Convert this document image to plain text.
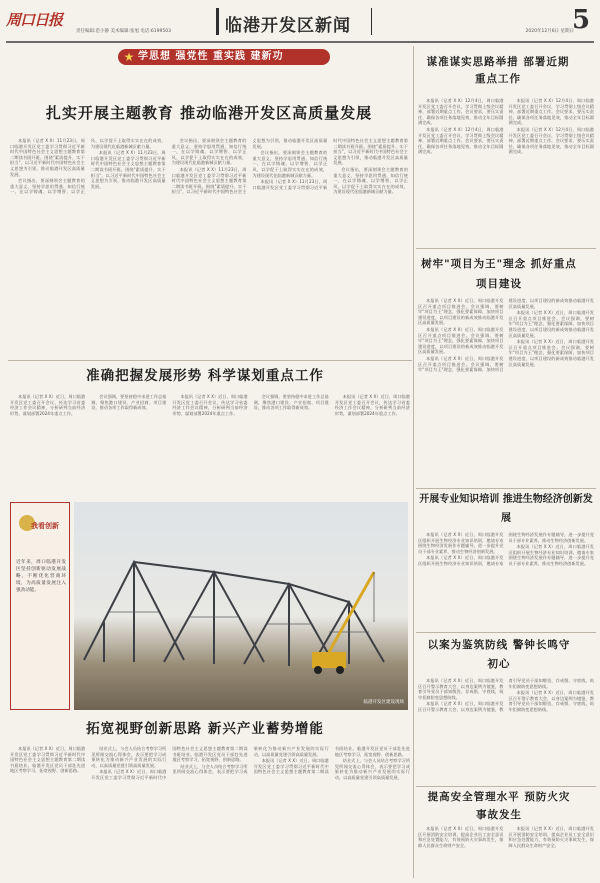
周口日报
责任编辑:范小静 美术编辑:张旭 电话:6199503	临港开发区新闻	2020年12月6日 星期日
5
★ 学思想 强党性 重实践 建新功
扎实开展主题教育 推动临港开发区高质量发展

本报讯（记者 X X）11月23日，周口临港开发区党工委学习贯彻习近平新时代中国特色社会主义思想主题教育第二期读书班开班。围绕"素质提升、实干担当"，以习近平新时代中国特色社会主义思想为引领，推动临港开发区高质量发展。

会议指出，要深刻领会主题教育的重大意义，坚持学思用贯通、知信行统一，在以学铸魂、以学增智、以学正风、以学促干上取得实实在在的成效，为建设现代化临港新城贡献力量。

本报讯（记者 X X）11月23日，周口临港开发区党工委学习贯彻习近平新时代中国特色社会主义思想主题教育第二期读书班开班。围绕"素质提升、实干担当"，以习近平新时代中国特色社会主义思想为引领，推动临港开发区高质量发展。

会议指出，要深刻领会主题教育的重大意义，坚持学思用贯通、知信行统一，在以学铸魂、以学增智、以学正风、以学促干上取得实实在在的成效，为建设现代化临港新城贡献力量。

本报讯（记者 X X）11月23日，周口临港开发区党工委学习贯彻习近平新时代中国特色社会主义思想主题教育第二期读书班开班。围绕"素质提升、实干担当"，以习近平新时代中国特色社会主义思想为引领，推动临港开发区高质量发展。

会议指出，要深刻领会主题教育的重大意义，坚持学思用贯通、知信行统一，在以学铸魂、以学增智、以学正风、以学促干上取得实实在在的成效，为建设现代化临港新城贡献力量。

本报讯（记者 X X）11月23日，周口临港开发区党工委学习贯彻习近平新时代中国特色社会主义思想主题教育第二期读书班开班。围绕"素质提升、实干担当"，以习近平新时代中国特色社会主义思想为引领，推动临港开发区高质量发展。

会议指出，要深刻领会主题教育的重大意义，坚持学思用贯通、知信行统一，在以学铸魂、以学增智、以学正风、以学促干上取得实实在在的成效，为建设现代化临港新城贡献力量。

准确把握发展形势 科学谋划重点工作

本报讯（记者 X X）近日，周口临港开发区党工委召开会议，传达学习省委经济工作会议精神，分析研判当前经济形势，谋划部署2024年重点工作。

会议强调，要坚持稳中求进工作总基调，聚焦港口建设、产业招商、项目建设，推动各项工作取得新成效。

本报讯（记者 X X）近日，周口临港开发区党工委召开会议，传达学习省委经济工作会议精神，分析研判当前经济形势，谋划部署2024年重点工作。

会议强调，要坚持稳中求进工作总基调，聚焦港口建设、产业招商、项目建设，推动各项工作取得新成效。

本报讯（记者 X X）近日，周口临港开发区党工委召开会议，传达学习省委经济工作会议精神，分析研判当前经济形势，谋划部署2024年重点工作。

我看创新
近年来，周口临港开发区坚持创新驱动发展战略，不断优化营商环境，为高质量发展注入强劲动能。
临港开发区建设现场
拓宽视野创新思路 新兴产业蓄势增能

本报讯（记者 X X）近日，周口临港开发区党工委学习贯彻习近平新时代中国特色社会主义思想主题教育第二期读书班结业。临港开发区党员干部赴先进地区考察学习，拓宽视野、创新思路。

结业式上，与会人员结合考察学习所见所闻交流心得体会，表示要把学习成果转化为推动新兴产业发展的实际行动，以高质量党建引领高质量发展。

本报讯（记者 X X）近日，周口临港开发区党工委学习贯彻习近平新时代中国特色社会主义思想主题教育第二期读书班结业。临港开发区党员干部赴先进地区考察学习，拓宽视野、创新思路。

结业式上，与会人员结合考察学习所见所闻交流心得体会，表示要把学习成果转化为推动新兴产业发展的实际行动，以高质量党建引领高质量发展。

本报讯（记者 X X）近日，周口临港开发区党工委学习贯彻习近平新时代中国特色社会主义思想主题教育第二期读书班结业。临港开发区党员干部赴先进地区考察学习，拓宽视野、创新思路。

结业式上，与会人员结合考察学习所见所闻交流心得体会，表示要把学习成果转化为推动新兴产业发展的实际行动，以高质量党建引领高质量发展。

谋准谋实思路举措 部署近期重点工作

本报讯（记者 X X）12月4日，周口临港开发区党工委召开会议，学习贯彻上级会议精神，部署近期重点工作。会议要求，要压实责任，确保各项任务落地见效，推动全年目标圆满完成。

本报讯（记者 X X）12月4日，周口临港开发区党工委召开会议，学习贯彻上级会议精神，部署近期重点工作。会议要求，要压实责任，确保各项任务落地见效，推动全年目标圆满完成。

本报讯（记者 X X）12月4日，周口临港开发区党工委召开会议，学习贯彻上级会议精神，部署近期重点工作。会议要求，要压实责任，确保各项任务落地见效，推动全年目标圆满完成。

本报讯（记者 X X）12月4日，周口临港开发区党工委召开会议，学习贯彻上级会议精神，部署近期重点工作。会议要求，要压实责任，确保各项任务落地见效，推动全年目标圆满完成。

树牢"项目为王"理念 抓好重点项目建设

本报讯（记者 X X）近日，周口临港开发区召开重点项目推进会。会议强调，要树牢"项目为王"理念，强化要素保障，加快项目建设进度，以项目建设的新成效推动临港开发区高质量发展。

本报讯（记者 X X）近日，周口临港开发区召开重点项目推进会。会议强调，要树牢"项目为王"理念，强化要素保障，加快项目建设进度，以项目建设的新成效推动临港开发区高质量发展。

本报讯（记者 X X）近日，周口临港开发区召开重点项目推进会。会议强调，要树牢"项目为王"理念，强化要素保障，加快项目建设进度，以项目建设的新成效推动临港开发区高质量发展。

本报讯（记者 X X）近日，周口临港开发区召开重点项目推进会。会议强调，要树牢"项目为王"理念，强化要素保障，加快项目建设进度，以项目建设的新成效推动临港开发区高质量发展。

本报讯（记者 X X）近日，周口临港开发区召开重点项目推进会。会议强调，要树牢"项目为王"理念，强化要素保障，加快项目建设进度，以项目建设的新成效推动临港开发区高质量发展。

开展专业知识培训 推进生物经济创新发展

本报讯（记者 X X）近日，周口临港开发区组织开展生物经济专业知识培训，邀请专家围绕生物经济发展作专题辅导，进一步提升党员干部专业素养，推动生物经济创新发展。

本报讯（记者 X X）近日，周口临港开发区组织开展生物经济专业知识培训，邀请专家围绕生物经济发展作专题辅导，进一步提升党员干部专业素养，推动生物经济创新发展。

本报讯（记者 X X）近日，周口临港开发区组织开展生物经济专业知识培训，邀请专家围绕生物经济发展作专题辅导，进一步提升党员干部专业素养，推动生物经济创新发展。

以案为鉴筑防线 警钟长鸣守初心

本报讯（记者 X X）近日，周口临港开发区召开警示教育大会，以身边案例为镜鉴，教育引导党员干部知敬畏、存戒惧、守底线，筑牢拒腐防变思想防线。

本报讯（记者 X X）近日，周口临港开发区召开警示教育大会，以身边案例为镜鉴，教育引导党员干部知敬畏、存戒惧、守底线，筑牢拒腐防变思想防线。

本报讯（记者 X X）近日，周口临港开发区召开警示教育大会，以身边案例为镜鉴，教育引导党员干部知敬畏、存戒惧、守底线，筑牢拒腐防变思想防线。

提高安全管理水平 预防火灾事故发生

本报讯（记者 X X）近日，周口临港开发区开展消防安全培训，提高企业员工安全意识和应急处置能力，有效预防火灾事故发生，保障人民群众生命财产安全。

本报讯（记者 X X）近日，周口临港开发区开展消防安全培训，提高企业员工安全意识和应急处置能力，有效预防火灾事故发生，保障人民群众生命财产安全。
